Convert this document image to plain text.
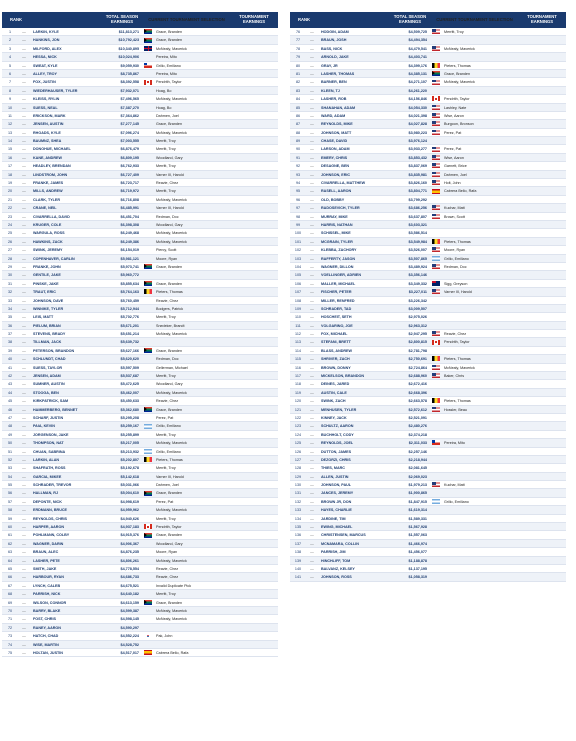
RANK	PARTICIPANT	TOTAL SEASON EARNINGS	CURRENT TOURNAMENT SELECTION	TOURNAMENT EARNINGS
1	—	LARKIN, KYLE	$11,813,271	Grace, Branden
2	—	HANKINS, JON	$10,792,423	Grace, Branden
3	—	MILFORD, ALEX	$10,340,895	McNealy, Maverick
4	—	HESSA, NICK	$10,024,906	Pereira, Mito
5	—	SWEAT, KYLE	$9,059,930	Grillo, Emiliano
6	—	ALLEY, TROY	$8,735,867	Pereira, Mito
7	—	FOX, JUSTIN	$8,392,558	Pendrith, Taylor
8	—	WIEDERHAUSER, TYLER	$7,932,071	Hoag, Bo
9	—	KLEISS, RYLIN	$7,496,565	McNealy, Maverick
10	—	SUESS, NEAL	$7,387,270	Hoag, Bo
11	—	ERICKSON, MARK	$7,364,862	Dahmen, Joel
12	—	JENSEN, AUSTIN	$7,277,145	Grace, Branden
13	—	RHOADS, KYLE	$7,096,274	McNealy, Maverick
14	—	BAUMNZ, SHEA	$7,003,555	Merritt, Troy
15	—	DONOHUE, MICHAEL	$6,876,479	Merritt, Troy
16	—	KANE, ANDREW	$6,809,195	Woodland, Gary
17	—	HEADLEY, BRENDAN	$6,762,933	Merritt, Troy
18	—	LINDSTROM, JOHN	$6,727,409	Varner III, Harold
19	—	FRANKE, JAMES	$6,723,717	Reavie, Chez
20	—	MILLS, ANDREW	$6,719,972	Merritt, Troy
21	—	CLARK, TYLER	$6,716,808	McNealy, Maverick
22	—	CRANE, NEIL	$6,485,991	Varner III, Harold
23	—	CIVARRELLA, DAVID	$6,451,704	Redman, Doc
24	—	KRUGER, COLE	$6,398,308	Woodland, Gary
25	—	WARGULA, ROSS	$6,249,468	McNealy, Maverick
26	—	HAWKINS, ZACK	$6,249,386	McNealy, Maverick
27	—	SWINK, JEREMY	$6,154,019	Piercy, Scott
28	—	COPENHAVER, CARLIN	$5,981,121	Moore, Ryan
29	—	FRANKE, JOHN	$5,973,741	Grace, Branden
30	—	GENTILE, JAKE	$5,960,772
31	—	PINSKE, JAKE	$5,855,634	Grace, Branden
32	—	TRAUT, ERIC	$5,764,163	Pieters, Thomas
33	—	JOHNSON, DAVE	$5,760,459	Reavie, Chez
34	—	WINNIKE, TYLER	$5,712,944	Bodgers, Patrick
35	—	LEIS, MATT	$5,702,776	Merritt, Troy
36	—	PIELUM, BRIAN	$5,671,201	Snedeker, Brandt
37	—	STEVENS, BRADY	$5,651,214	McNealy, Maverick
38	—	TILLMAN, JACK	$5,639,732
39	—	PETERSON, BRANDON	$5,627,166	Grace, Branden
40	—	SCHLUNDT, CHAD	$5,620,620	Redman, Doc
41	—	SUESS, TAYLOR	$5,597,509	Gellerman, Michael
42	—	JENSEN, ADAM	$5,537,687	Merritt, Troy
43	—	SUMNER, AUSTIN	$5,472,625	Woodland, Gary
44	—	STOOGA, BEN	$5,462,007	McNealy, Maverick
45	—	KIRKPATRICK, SAM	$5,450,633	Reavie, Chez
46	—	HAMMERBERG, BENNET	$5,362,680	Grace, Branden
47	—	SCHARF, JUSTIN	$5,295,208	Perez, Pat
48	—	PAIA, KEVIN	$5,259,167	Grillo, Emiliano
49	—	JORGENSON, JAKE	$5,255,899	Merritt, Troy
50	—	THOMPSON, NAT	$5,217,005	McNealy, Maverick
51	—	CHUAN, SABRINA	$5,213,932	Grillo, Emiliano
52	—	LARKIN, ALAN	$5,202,807	Pieters, Thomas
53	—	SHAFRATH, ROSS	$5,192,678	Merritt, Troy
54	—	GARCIA, MIKEE	$5,142,618	Varner III, Harold
55	—	SCHRADER, TREVOR	$5,031,066	Dahmen, Joel
56	—	HALLMAN, RJ	$5,004,610	Grace, Branden
57	—	DEPONTE, NICK	$4,998,619	Perez, Pat
58	—	ERDMANN, BRUCE	$4,959,962	McNealy, Maverick
59	—	REYNOLDS, CHRIS	$4,940,626	Merritt, Troy
60	—	HARPER, AARON	$4,937,183	Pendrith, Taylor
61	—	POHLMANN, COLBY	$4,915,376	Grace, Branden
62	—	WAGNER, DARIN	$4,906,367	Woodland, Gary
63	—	BRAUN, ALEC	$4,876,235	Moore, Ryan
64	—	LASHER, PETE	$4,806,261	McNealy, Maverick
65	—	SMITH, JAKE	$4,778,554	Reavie, Chez
66	—	HARBOUR, RYAN	$4,686,733	Reavie, Chez
67	—	LYNCH, CALEB	$4,675,521	Invalid Duplicate Pick
68	—	PARRISH, NICK	$4,640,182	Merritt, Troy
69	—	WILSON, CONNOR	$4,613,159	Grace, Branden
70	—	BARRY, BLAKE	$4,599,387	McNealy, Maverick
71	—	FOST, CHRIS	$4,598,145	McNealy, Maverick
72	—	RANEY, AARON	$4,590,297
73	—	HATCH, CHAD	$4,552,224	Pak, John
74	—	WISE, MARTIN	$4,528,752
75	—	HOLTAN, JUSTIN	$4,517,017	Cabrera Bello, Rafa
RANK	PARTICIPANT	TOTAL SEASON EARNINGS	CURRENT TOURNAMENT SELECTION	TOURNAMENT EARNINGS
76	—	HODGIN, ADAM	$4,509,725	Merritt, Troy
77	—	BRAUN, JOSH	$4,494,354
78	—	BASS, NICK	$4,479,541	McNealy, Maverick
79	—	ARNOLD, JAKE	$4,403,741
80	—	GRAY, JR	$4,399,176	Pieters, Thomas
81	—	LASHER, THOMAS	$4,385,131	Grace, Branden
82	—	BARNER, BEN	$4,271,107	McNealy, Maverick
83	—	KLEEN, TJ	$4,261,220
84	—	LASHER, ROB	$4,156,846	Pendrith, Taylor
85	—	SHANAHAN, ADAM	$4,054,330	Lashley, Nate
86	—	WARD, ADAM	$4,021,398	Wise, Aaron
87	—	REYNOLDS, MIKE	$4,027,828	Burgoon, Bronson
88	—	JOHNSON, MATT	$3,980,223	Perez, Pat
89	—	CHASE, DAVID	$3,976,124
90	—	LARSON, ADAM	$3,933,277	Perez, Pat
91	—	EMERY, CHRIS	$3,853,432	Wise, Aaron
92	—	DESAGNE, BEN	$3,837,069	Garnett, Brice
93	—	JOHNSON, ERIC	$3,835,981	Dahmen, Joel
94	—	CIVARRELLA, MATTHEW	$3,826,160	Holt, John
95	—	RASELL, AARON	$3,804,771	Cabrera Bello, Rafa
96	—	OLD, BOBBY	$3,799,292
97	—	RADOSEVICH, TYLER	$3,686,256	Kuchar, Matt
98	—	MURRAY, MIKE	$3,637,807	Brown, Scott
99	—	HARRIS, NATHAN	$3,603,321
100	—	SCHISSEL, MIKE	$3,586,514
101	—	MCGRAIN, TYLER	$3,549,984	Pieters, Thomas
102	—	KLEBBA, ZACHORY	$3,526,007	Moore, Ryan
103	—	RAFFERTY, JASON	$3,507,865	Grillo, Emiliano
104	—	WAGNER, DILLON	$3,489,924	Redman, Doc
105	—	VOELLINGER, ADRIEN	$3,356,146
106	—	MALLER, MICHAEL	$3,349,332	Sigg, Greyson
107	—	FISCHER, PETER	$3,227,011	Varner III, Harold
108	—	MILLER, RENFRED	$3,226,342
109	—	SCHRADER, TAD	$3,009,507
110	—	HOSCHEIT, SETH	$2,975,026
111	—	VOLGARINO, JOE	$2,963,312
112	—	FOX, MICHAEL	$2,947,295	Reavie, Chez
113	—	STEFANI, BRETT	$2,800,815	Pendrith, Taylor
114	—	BLASS, ANDREW	$2,781,798
115	—	SHRIVER, ZACH	$2,750,691	Pieters, Thomas
116	—	BROWN, DONNY	$2,724,864	McNealy, Maverick
117	—	MICKELSON, BRANDON	$2,688,960	Baker, Chris
118	—	DEINES, JARED	$2,672,416
119	—	AUSTIN, CALE	$2,668,396
120	—	SWINK, ZACH	$2,663,578	Pieters, Thomas
121	—	MENHUSEN, TYLER	$2,572,612	Hossler, Beau
122	—	KINNEY, JACK	$2,521,091
123	—	SCHULTZ, AARON	$2,480,276
124	—	BUCHHOLT, CODY	$2,374,218
125	—	REYNOLDS, JOEL	$2,311,033	Pereira, Mito
126	—	DUTTON, JAMES	$2,257,146
127	—	DEZORZI, CHRIS	$2,218,944
128	—	THIES, MARC	$2,081,645
129	—	ALLEN, JUSTIN	$2,069,023
130	—	JOHNSON, PAUL	$1,979,213	Kuchar, Matt
131	—	JANCES, JEREMY	$1,900,865
132	—	BROWN JR, DON	$1,847,915	Grillo, Emiliano
133	—	HAYES, CHARLIE	$1,619,314
134	—	JARDINE, TIM	$1,589,331
135	—	EWING, MICHAEL	$1,567,928
136	—	CHRISTENSEN, MARCUS	$1,557,063
137	—	MCNAMARA, COLLIN	$1,466,974
138	—	PARRISH, JIM	$1,456,077
139	—	HINCHLIFF, TOM	$1,188,878
140	—	BALVANZ, KELSEY	$1,137,195
141	—	JOHNSON, ROSS	$1,058,319
